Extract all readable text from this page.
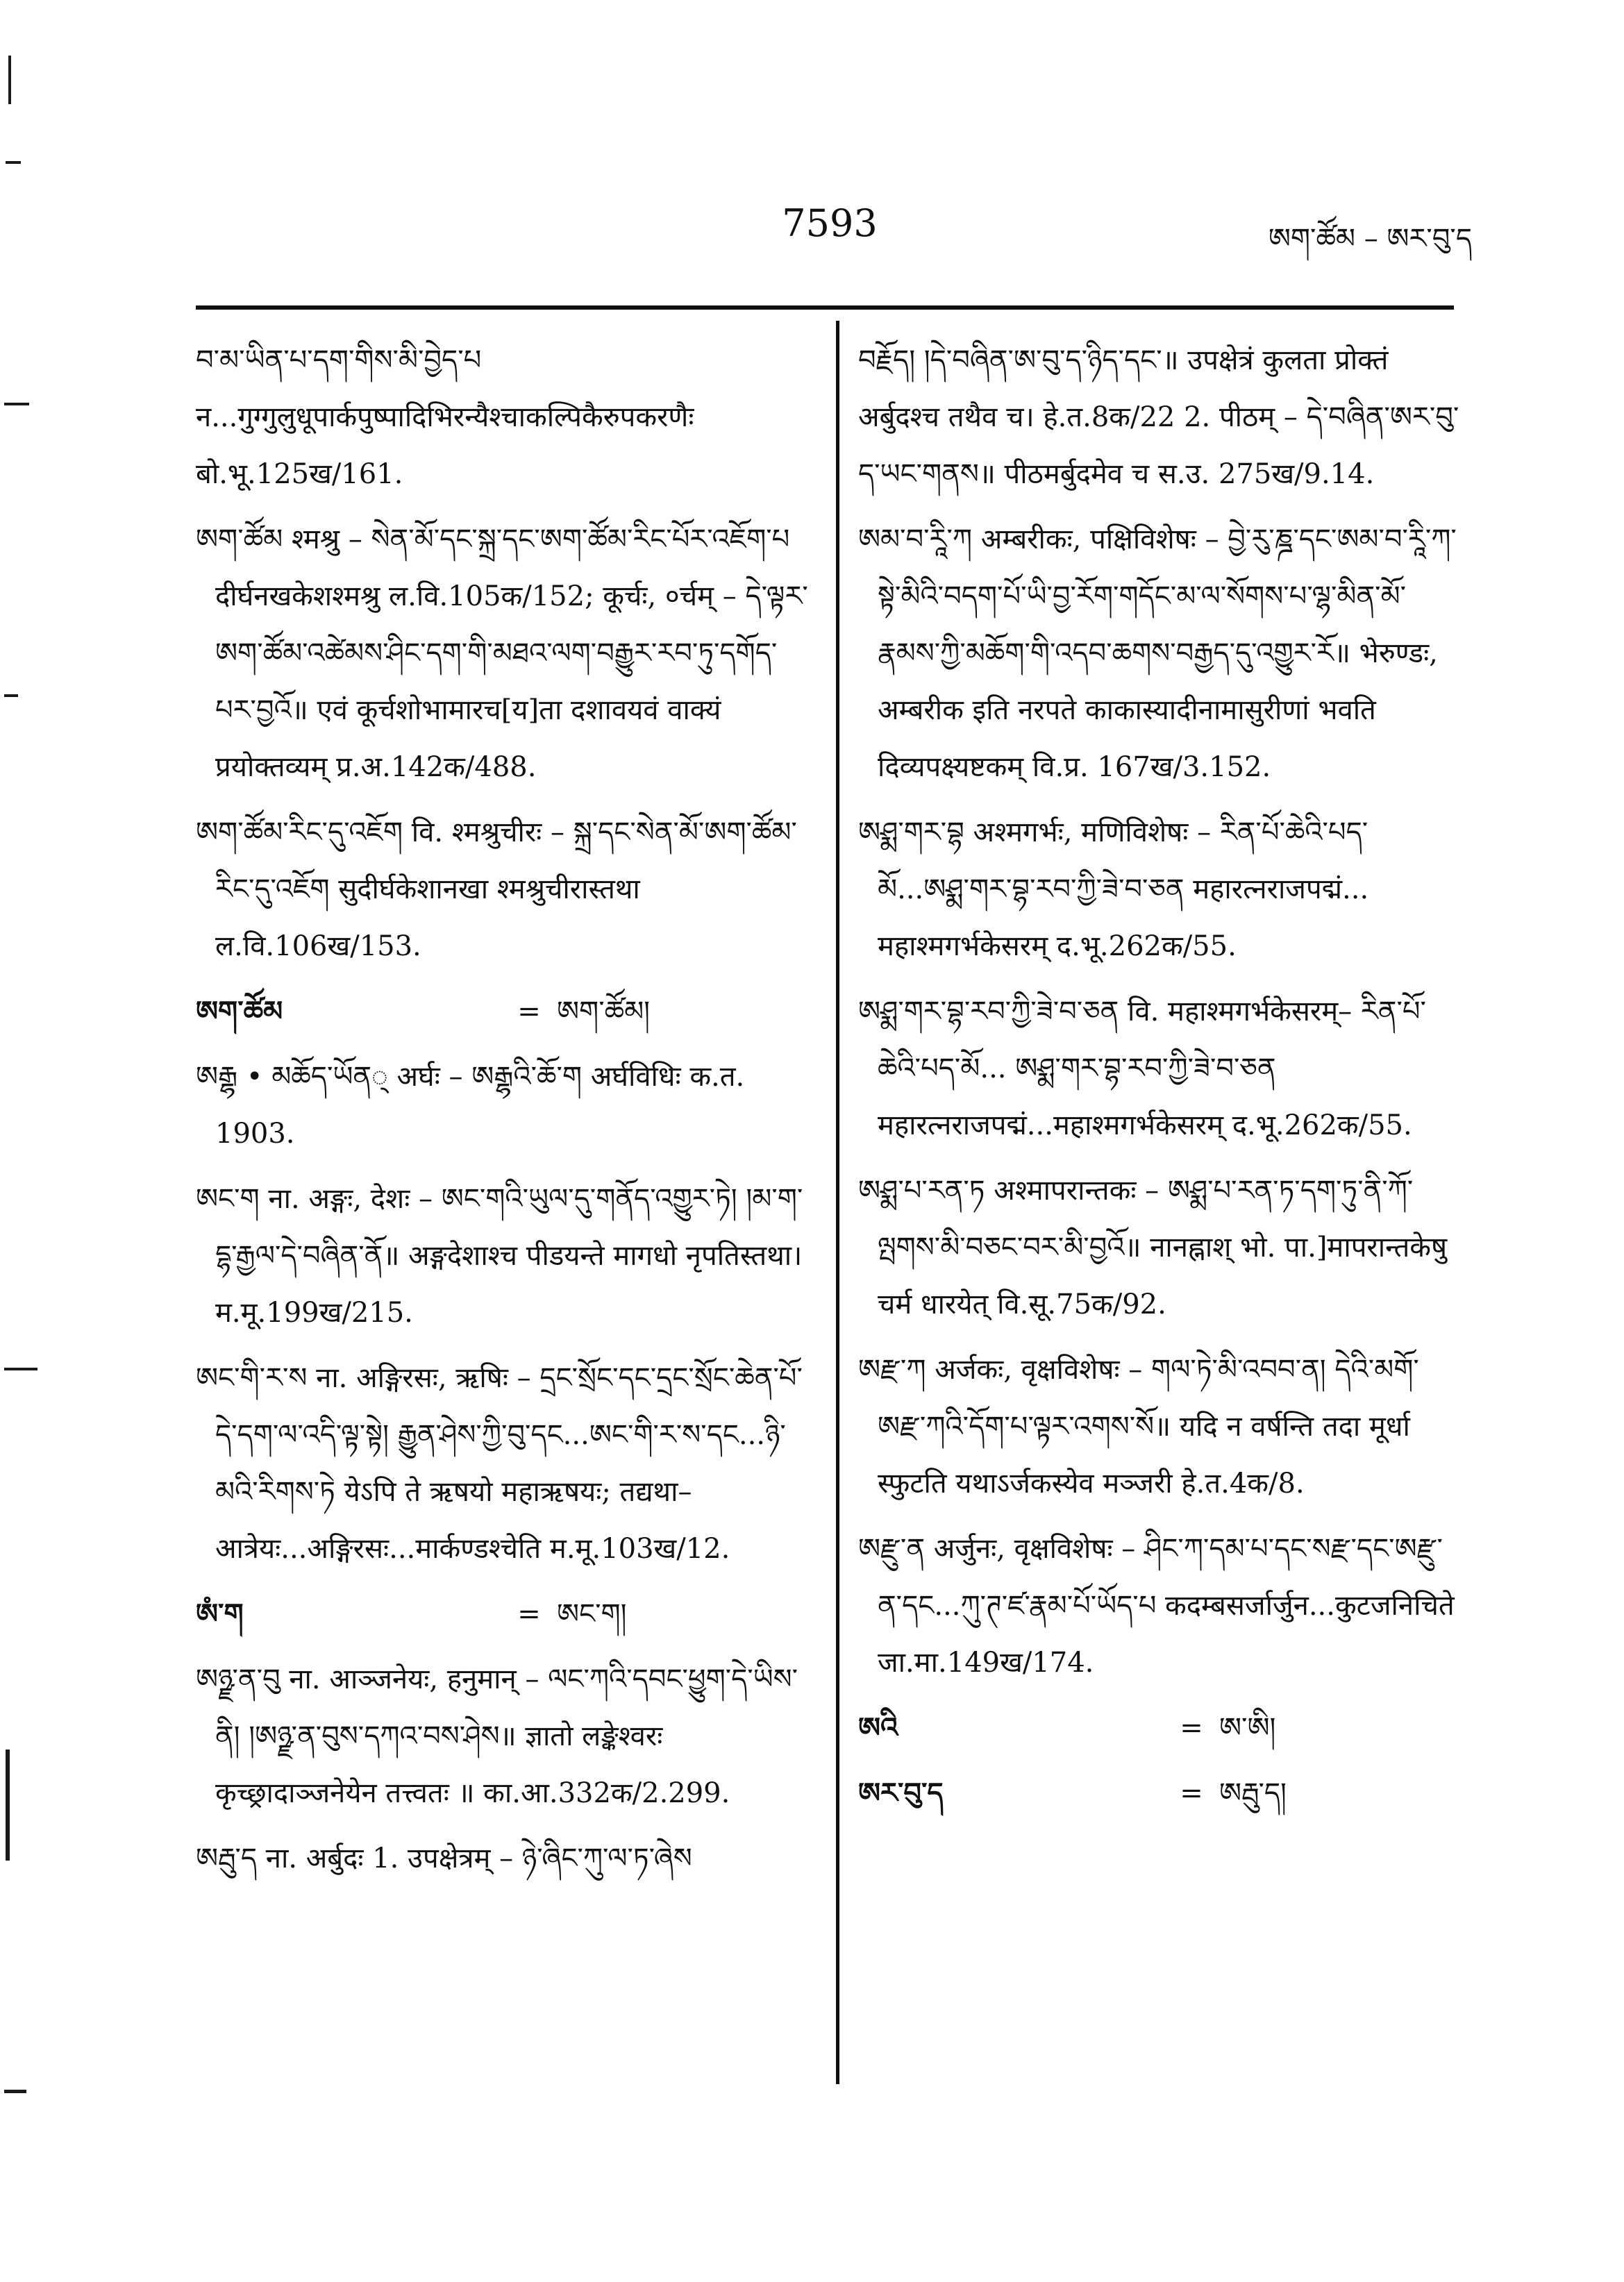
7593	ཨག་ཚོམ – ཨར་བུ་ད

བ་མ་ཡིན་པ་དག་གིས་མི་བྱེད་པ न...गुग्गुलुधूपार्कपुष्पादिभिरन्यैश्चाकल्पिकैरुपकरणैः बो.भू.125ख/161.

ཨག་ཚོམ श्मश्रु – སེན་མོ་དང་སྐྲ་དང་ཨག་ཚོམ་རིང་པོར་འཇོག་པ दीर्घनखकेशश्मश्रु ल.वि.105क/152; कूर्चः, ०र्चम् – དེ་ལྟར་ཨག་ཚོམ་འཚེམས་ཤིང་དག་གི་མཐའ་ལག་བརྒྱུར་རབ་ཏུ་དགོད་པར་བྱའོ॥ एवं कूर्चशोभामारच[य]ता दशावयवं वाक्यं प्रयोक्तव्यम् प्र.अ.142क/488.

ཨག་ཚོམ་རིང་དུ་འཇོག वि. श्मश्रुचीरः – སྐྲ་དང་སེན་མོ་ཨག་ཚོམ་རིང་དུ་འཇོག सुदीर्घकेशानखा श्मश्रुचीरास्तथा ल.वि.106ख/153.

ཨག་ཚོམ	= ཨག་ཚོམ།

ཨརྒྷ • མཆོད་ཡོན् अर्घः – ཨརྒྷའི་ཆོ་ག अर्घविधिः क.त. 1903.

ཨང་ག ना. अङ्गः, देशः – ཨང་གའི་ཡུལ་དུ་གནོད་འགྱུར་ཏེ། །མ་ག་དྷ་རྒྱལ་དེ་བཞིན་ནོ॥ अङ्गदेशाश्च पीडयन्ते मागधो नृपतिस्तथा। म.मू.199ख/215.

ཨང་གི་ར་ས ना. अङ्गिरसः, ऋषिः – དྲང་སྲོང་དང་དྲང་སྲོང་ཆེན་པོ་དེ་དག་ལ་འདི་ལྟ་སྟེ། རྒྱུན་ཤེས་ཀྱི་བུ་དང...ཨང་གི་ར་ས་དང...ཉི་མའི་རིགས་ཏེ येऽपि ते ऋषयो महाऋषयः; तद्यथा–आत्रेयः...अङ्गिरसः...मार्कण्डश्चेति म.मू.103ख/12.

ཨཾ་ག	= ཨང་ག།

ཨཉྫ་ན་བུ ना. आञ्जनेयः, हनुमान् – ལང་ཀའི་དབང་ཕྱུག་དེ་ཡིས་ནི། །ཨཉྫ་ན་བུས་དཀའ་བས་ཤེས॥ ज्ञातो लङ्केश्वरः कृच्छ्रादाञ्जनेयेन तत्त्वतः ॥ का.आ.332क/2.299.

ཨརྦུ་ད ना. अर्बुदः 1. उपक्षेत्रम् – ཉེ་ཞིང་ཀུ་ལ་ཏ་ཞེས

བརྗོད། །དེ་བཞིན་ཨ་བུ་ད་ཉིད་དང༌॥ उपक्षेत्रं कुलता प्रोक्तं अर्बुदश्च तथैव च। हे.त.8क/22 2. पीठम् – དེ་བཞིན་ཨར་བུ་ད་ཡང་གནས॥ पीठमर्बुदमेव च स.उ. 275ख/9.14.

ཨམ་བ་རཱི་ཀ अम्बरीकः, पक्षिविशेषः – བྱེ་རུ་ཎྜ་དང་ཨམ་བ་རཱི་ཀ་སྟེ་མིའི་བདག་པོ་ཡི་བྱ་རོག་གདོང་མ་ལ་སོགས་པ་ལྷ་མིན་མོ་རྣམས་ཀྱི་མཆོག་གི་འདབ་ཆགས་བརྒྱད་དུ་འགྱུར་རོ॥ भेरुण्डः, अम्बरीक इति नरपते काकास्यादीनामासुरीणां भवति दिव्यपक्ष्यष्टकम् वि.प्र. 167ख/3.152.

ཨཤྨ་གར་བྷ अश्मगर्भः, मणिविशेषः – རིན་པོ་ཆེའི་པད་མོ...ཨཤྨ་གར་བྷ་རབ་ཀྱི་ཟེ་བ་ཅན महारत्नराजपद्मं... महाश्मगर्भकेसरम् द.भू.262क/55.

ཨཤྨ་གར་བྷ་རབ་ཀྱི་ཟེ་བ་ཅན वि. महाश्मगर्भकेसरम्– རིན་པོ་ཆེའི་པད་མོ... ཨཤྨ་གར་བྷ་རབ་ཀྱི་ཟེ་བ་ཅན महारत्नराजपद्मं...महाश्मगर्भकेसरम् द.भू.262क/55.

ཨཤྨ་པ་རན་ཏ अश्मापरान्तकः – ཨཤྨ་པ་རན་ཏ་དག་ཏུ་ནི་ཀོ་ལྤགས་མི་བཅང་བར་མི་བྱའོ॥ नानह्नाश् भो. पा.]मापरान्तकेषु चर्म धारयेत् वि.सू.75क/92.

ཨརྫ་ཀ अर्जकः, वृक्षविशेषः – གལ་ཏེ་མི་འབབ་ན། དེའི་མགོ་ཨརྫ་ཀའི་དོག་པ་ལྟར་འགས་སོ॥ यदि न वर्षन्ति तदा मूर्धा स्फुटति यथाऽर्जकस्येव मञ्जरी हे.त.4क/8.

ཨརྫུ་ན अर्जुनः, वृक्षविशेषः – ཤིང་ཀ་དམ་པ་དང་སརྫ་དང་ཨརྫུ་ན་དང...ཀུ་ཊ་ཛ་རྣམ་པོ་ཡོད་པ कदम्बसर्जार्जुन...कुटजनिचिते जा.मा.149ख/174.

ཨའི	= ཨ་ཨི།
ཨར་བུ་ད	= ཨརྦུ་ད།
